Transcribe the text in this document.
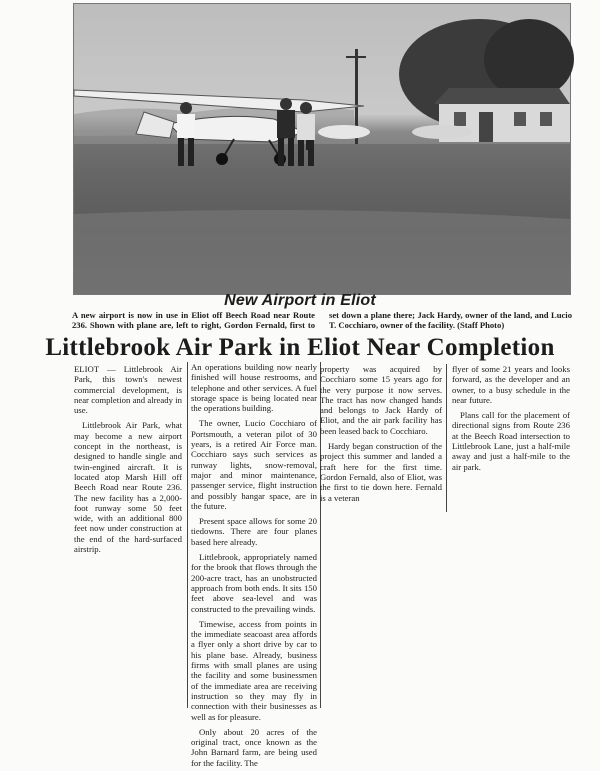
New Airport in Eliot
A new airport is now in use in Eliot off Beech Road near Route 236. Shown with plane are, left to right, Gordon Fernald, first to set down a plane there; Jack Hardy, owner of the land, and Lucio T. Cocchiaro, owner of the facility. (Staff Photo)
Littlebrook Air Park in Eliot Near Completion

ELIOT — Littlebrook Air Park, this town's newest commercial development, is near completion and already in use.

Littlebrook Air Park, what may become a new airport concept in the northeast, is designed to handle single and twin-engined aircraft. It is located atop Marsh Hill off Beech Road near Route 236. The new facility has a 2,000-foot runway some 50 feet wide, with an additional 800 feet now under construction at the end of the hard-surfaced airstrip.

An operations building now nearly finished will house restrooms, and telephone and other services. A fuel storage space is being located near the operations building.

The owner, Lucio Cocchiaro of Portsmouth, a veteran pilot of 30 years, is a retired Air Force man. Cocchiaro says such services as runway lights, snow-removal, major and minor maintenance, passenger service, flight instruction and possibly hangar space, are in the future.

Present space allows for some 20 tiedowns. There are four planes based here already.

Littlebrook, appropriately named for the brook that flows through the 200-acre tract, has an unobstructed approach from both ends. It sits 150 feet above sea-level and was constructed to the prevailing winds.

Timewise, access from points in the immediate seacoast area affords a flyer only a short drive by car to his plane base. Already, business firms with small planes are using the facility and some businessmen of the immediate area are receiving instruction so they may fly in connection with their businesses as well as for pleasure.

Only about 20 acres of the original tract, once known as the John Barnard farm, are being used for the facility. The

property was acquired by Cocchiaro some 15 years ago for the very purpose it now serves. The tract has now changed hands and belongs to Jack Hardy of Eliot, and the air park facility has been leased back to Cocchiaro.

Hardy began construction of the project this summer and landed a craft here for the first time. Gordon Fernald, also of Eliot, was the first to tie down here. Fernald is a veteran

flyer of some 21 years and looks forward, as the developer and an owner, to a busy schedule in the near future.

Plans call for the placement of directional signs from Route 236 at the Beech Road intersection to Littlebrook Lane, just a half-mile away and just a half-mile to the air park.
